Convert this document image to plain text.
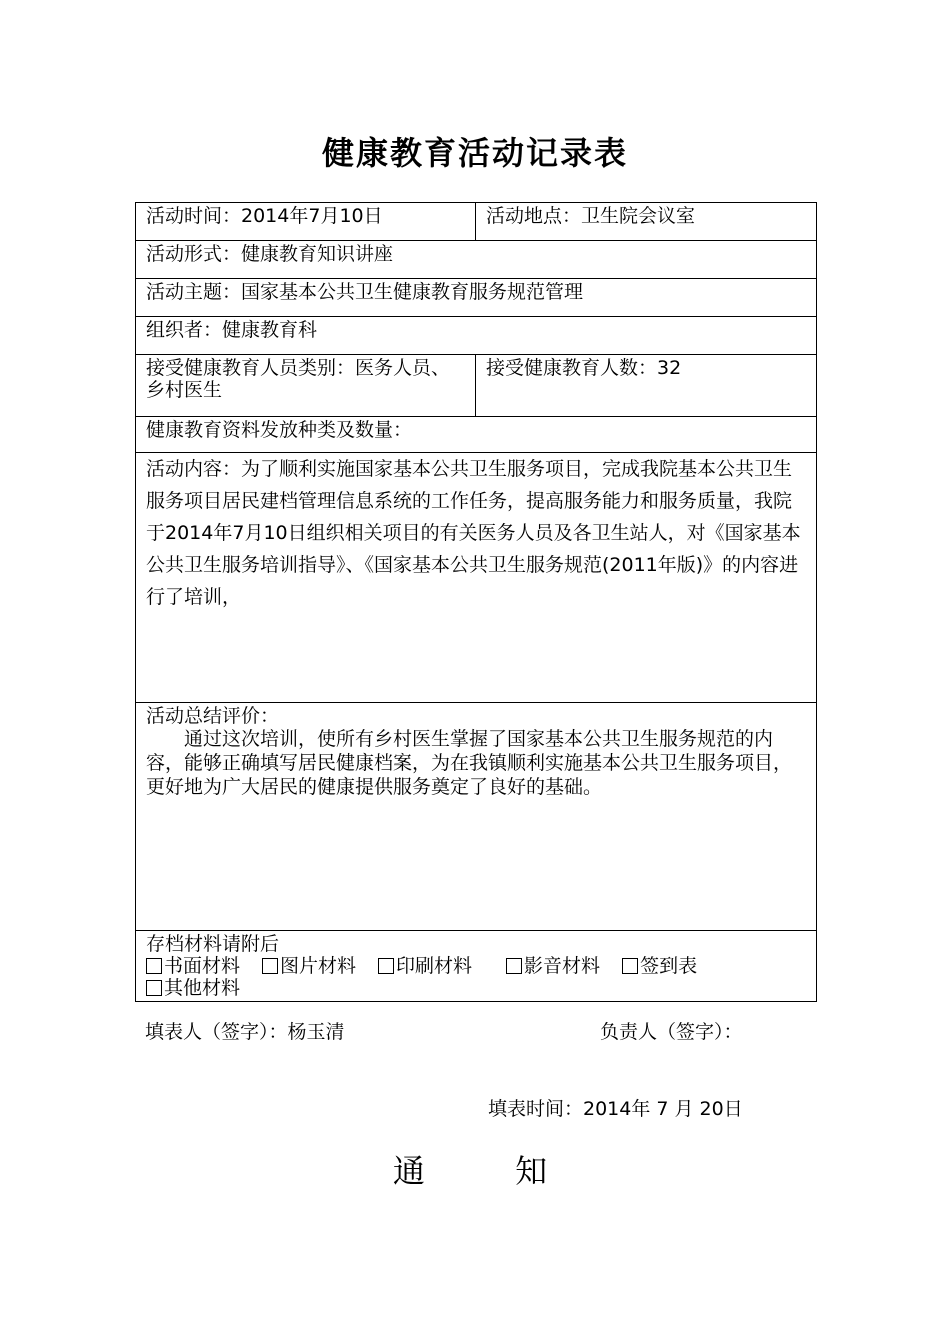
健康教育活动记录表
活动时间：2014年7月10日	活动地点：卫生院会议室
活动形式：健康教育知识讲座	
活动主题：国家基本公共卫生健康教育服务规范管理	
组织者：健康教育科	
接受健康教育人员类别：医务人员、乡村医生	接受健康教育人数：32
健康教育资料发放种类及数量：	

活动内容：为了顺利实施国家基本公共卫生服务项目，完成我院基本公共卫生服务项目居民建档管理信息系统的工作任务，提高服务能力和服务质量，我院于2014年7月10日组织相关项目的有关医务人员及各卫生站人，对《国家基本公共卫生服务培训指导》、《国家基本公共卫生服务规范(2011年版)》的内容进行了培训，	

活动总结评价：
通过这次培训，使所有乡村医生掌握了国家基本公共卫生服务规范的内容，能够正确填写居民健康档案，为在我镇顺利实施基本公共卫生服务项目，更好地为广大居民的健康提供服务奠定了良好的基础。	

存档材料请附后
书面材料 图片材料 印刷材料 影音材料 签到表
其他材料	
填表人（签字）：杨玉清	负责人（签字）：
填表时间：2014年 7 月 20日
通 知
